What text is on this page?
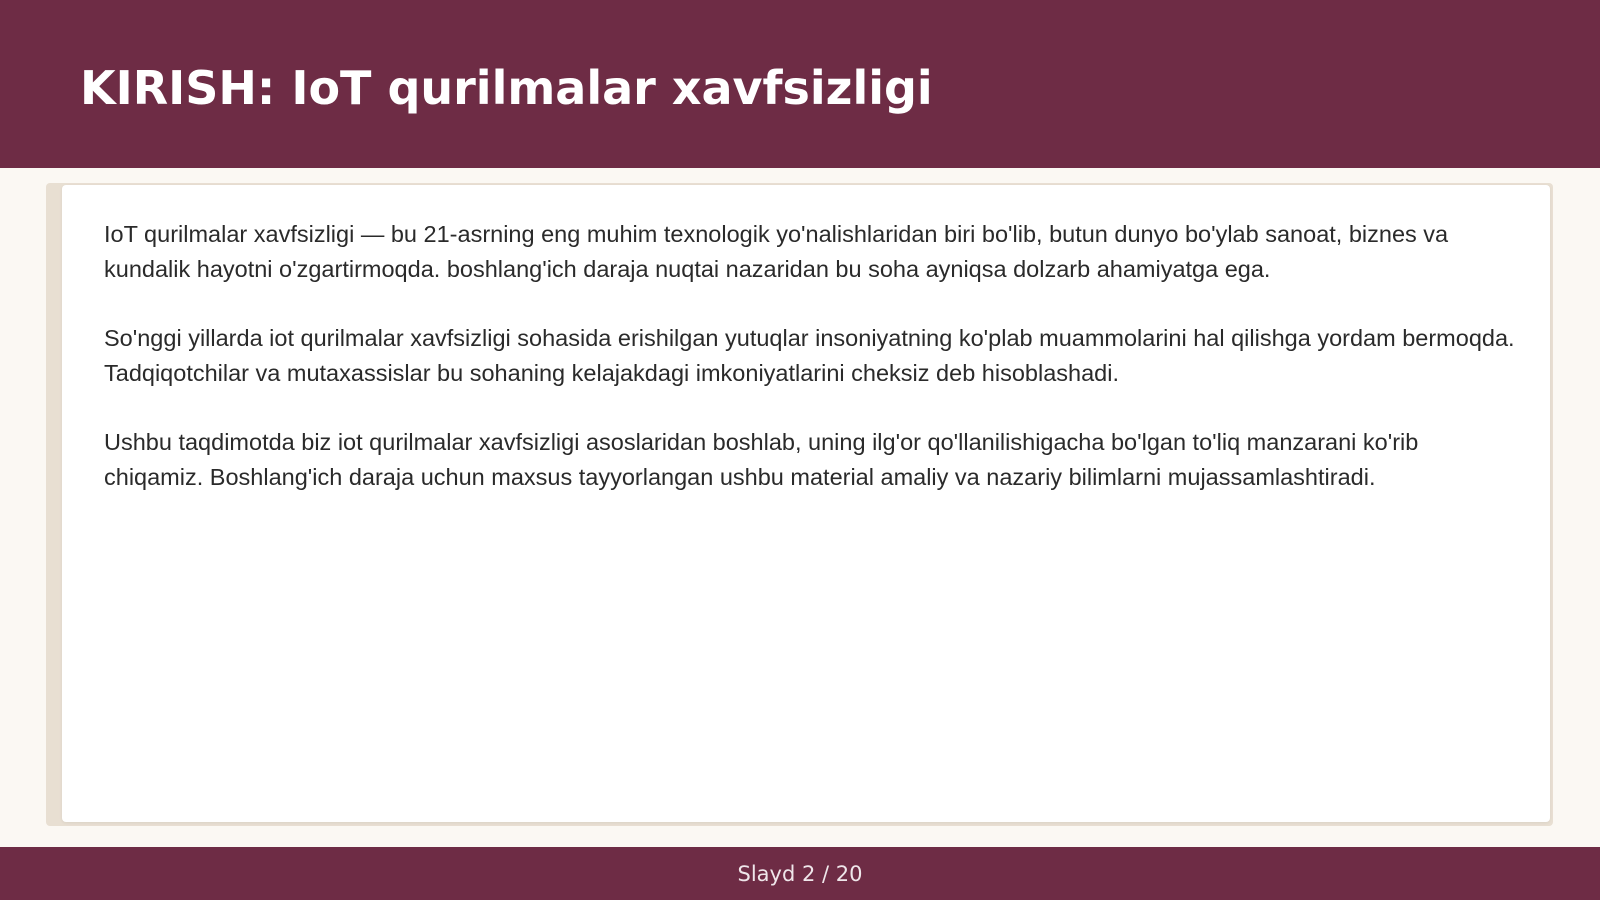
KIRISH: IoT qurilmalar xavfsizligi

IoT qurilmalar xavfsizligi — bu 21-asrning eng muhim texnologik yo'nalishlaridan biri bo'lib, butun dunyo bo'ylab sanoat, biznes va kundalik hayotni o'zgartirmoqda. boshlang'ich daraja nuqtai nazaridan bu soha ayniqsa dolzarb ahamiyatga ega.

So'nggi yillarda iot qurilmalar xavfsizligi sohasida erishilgan yutuqlar insoniyatning ko'plab muammolarini hal qilishga yordam bermoqda. Tadqiqotchilar va mutaxassislar bu sohaning kelajakdagi imkoniyatlarini cheksiz deb hisoblashadi.

Ushbu taqdimotda biz iot qurilmalar xavfsizligi asoslaridan boshlab, uning ilg'or qo'llanilishigacha bo'lgan to'liq manzarani ko'rib chiqamiz. Boshlang'ich daraja uchun maxsus tayyorlangan ushbu material amaliy va nazariy bilimlarni mujassamlashtiradi.

Slayd 2 / 20
